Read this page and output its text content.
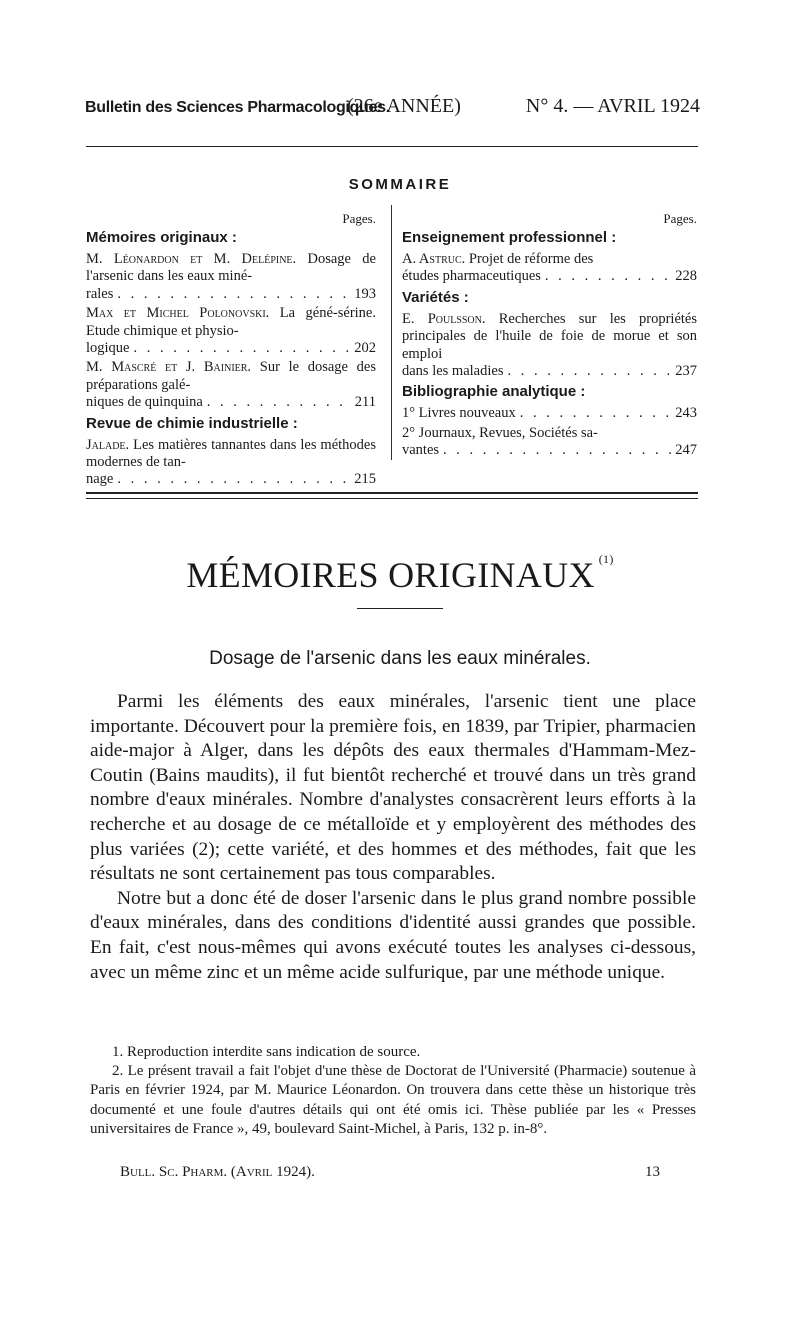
Bulletin des Sciences Pharmacologiques.
(26e ANNÉE)	N° 4. — AVRIL 1924
SOMMAIRE
Pages.
Mémoires originaux :
M. Léonardon et M. Delépine. Dosage de l'arsenic dans les eaux miné-
rales . . .	193
Max et Michel Polonovski. La géné-sérine. Etude chimique et physio-
logique . . .	202
M. Mascré et J. Bainier. Sur le dosage des préparations galé-
niques de quinquina . . .	211
Revue de chimie industrielle :
Jalade. Les matières tannantes dans les méthodes modernes de tan-
nage . . .	215
Pages.
Enseignement professionnel :
A. Astruc. Projet de réforme des
études pharmaceutiques . . .	228
Variétés :
E. Poulsson. Recherches sur les propriétés principales de l'huile de foie de morue et son emploi
dans les maladies . . .	237
Bibliographie analytique :
1° Livres nouveaux . . .	243
2° Journaux, Revues, Sociétés sa-
vantes . . .	247
MÉMOIRES ORIGINAUX $^{(1)}$
Dosage de l'arsenic dans les eaux minérales.

Parmi les éléments des eaux minérales, l'arsenic tient une place importante. Découvert pour la première fois, en 1839, par Tripier, pharmacien aide-major à Alger, dans les dépôts des eaux thermales d'Hammam-Mez-Coutin (Bains maudits), il fut bientôt recherché et trouvé dans un très grand nombre d'eaux minérales. Nombre d'analystes consacrèrent leurs efforts à la recherche et au dosage de ce métalloïde et y employèrent des méthodes des plus variées (2); cette variété, et des hommes et des méthodes, fait que les résultats ne sont certainement pas tous comparables.

Notre but a donc été de doser l'arsenic dans le plus grand nombre possible d'eaux minérales, dans des conditions d'identité aussi grandes que possible. En fait, c'est nous-mêmes qui avons exécuté toutes les analyses ci-dessous, avec un même zinc et un même acide sulfurique, par une méthode unique.

1. Reproduction interdite sans indication de source.

2. Le présent travail a fait l'objet d'une thèse de Doctorat de l'Université (Pharmacie) soutenue à Paris en février 1924, par M. Maurice Léonardon. On trouvera dans cette thèse un historique très documenté et une foule d'autres détails qui ont été omis ici. Thèse publiée par les « Presses universitaires de France », 49, boulevard Saint-Michel, à Paris, 132 p. in-8°.

Bull. Sc. Pharm. (Avril 1924).	13
